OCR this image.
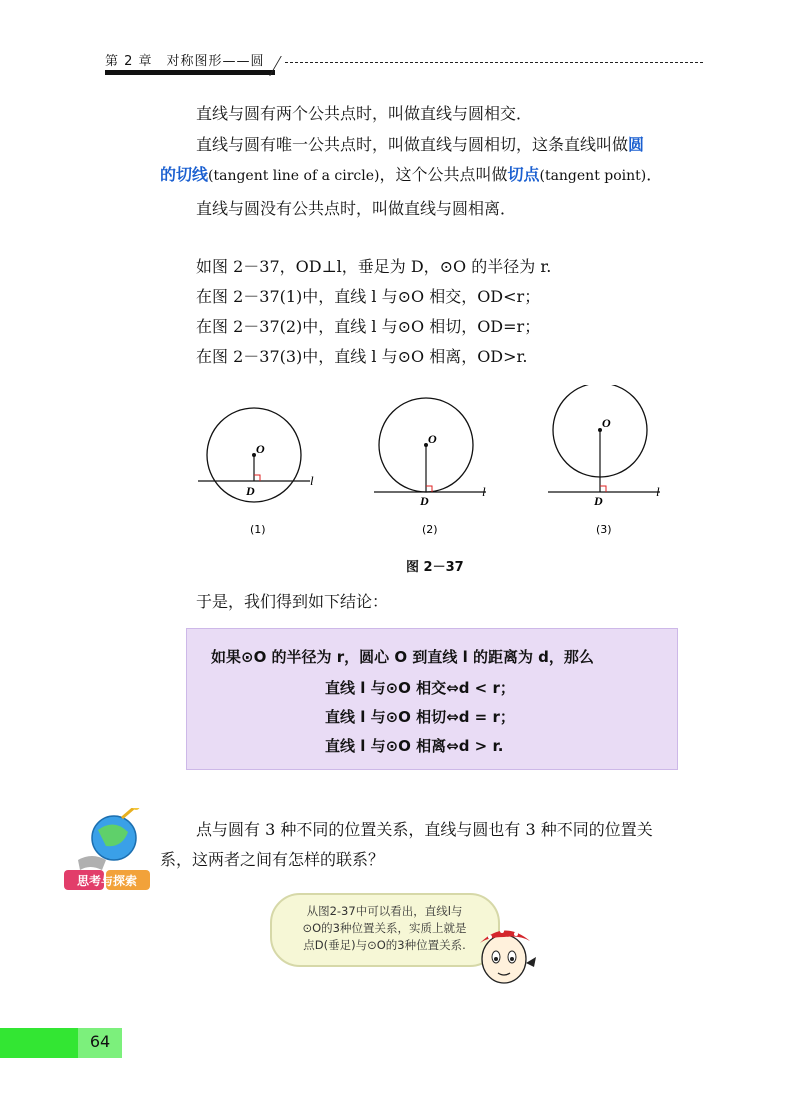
第 2 章　对称图形——圆
直线与圆有两个公共点时，叫做直线与圆相交．
直线与圆有唯一公共点时，叫做直线与圆相切，这条直线叫做圆
的切线(tangent line of a circle)，这个公共点叫做切点(tangent point)．
直线与圆没有公共点时，叫做直线与圆相离．
如图 2－37，OD⊥l，垂足为 D，⊙O 的半径为 r.
在图 2－37(1)中，直线 l 与⊙O 相交，OD<r；
在图 2－37(2)中，直线 l 与⊙O 相切，OD=r；
在图 2－37(3)中，直线 l 与⊙O 相离，OD>r.
O
D
l
(1)
O
D
l
(2)
O
D
l
(3)
图 2－37
于是，我们得到如下结论：
如果⊙O 的半径为 r，圆心 O 到直线 l 的距离为 d，那么
直线 l 与⊙O 相交⇔d < r；
直线 l 与⊙O 相切⇔d = r；
直线 l 与⊙O 相离⇔d > r.
思考与探索
点与圆有 3 种不同的位置关系，直线与圆也有 3 种不同的位置关
系，这两者之间有怎样的联系？
从图2-37中可以看出，直线l与
⊙O的3种位置关系，实质上就是
点D(垂足)与⊙O的3种位置关系.
64
